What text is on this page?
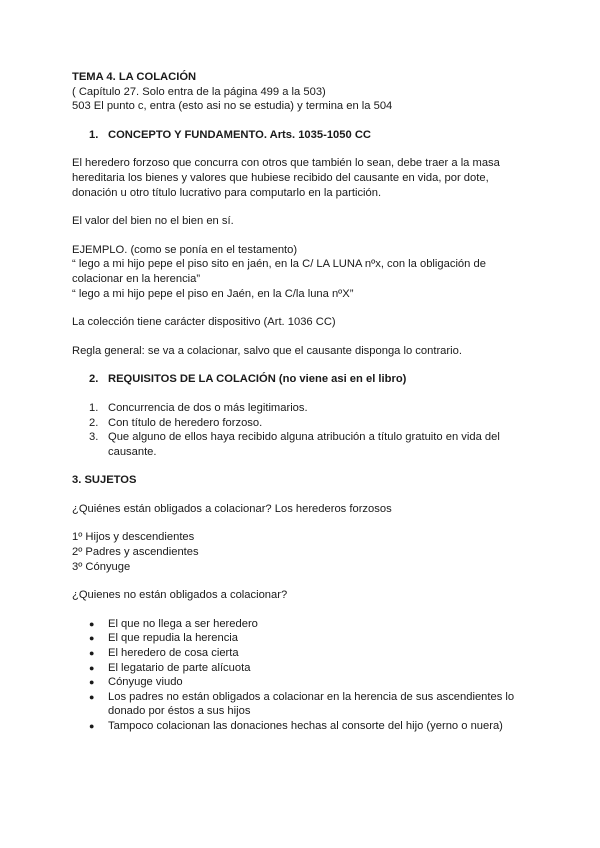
TEMA 4. LA COLACIÓN

( Capítulo 27. Solo entra de la página 499 a la 503)

503 El punto c, entra (esto asi no se estudia) y termina en la 504

1. CONCEPTO Y FUNDAMENTO. Arts. 1035-1050 CC

El heredero forzoso que concurra con otros que también lo sean, debe traer a la masa hereditaria los bienes y valores que hubiese recibido del causante en vida, por dote, donación u otro título lucrativo para computarlo en la partición.

El valor del bien no el bien en sí.

EJEMPLO. (como se ponía en el testamento)

“ lego a mi hijo pepe el piso sito en jaén, en la C/ LA LUNA nºx, con la obligación de colacionar en la herencia”

“ lego a mi hijo pepe el piso en Jaén, en la C/la luna nºX”

La colección tiene carácter dispositivo (Art. 1036 CC)

Regla general: se va a colacionar, salvo que el causante disponga lo contrario.

2. REQUISITOS DE LA COLACIÓN (no viene asi en el libro)
1. Concurrencia de dos o más legitimarios.
2. Con título de heredero forzoso.
3. Que alguno de ellos haya recibido alguna atribución a título gratuito en vida del causante.

3. SUJETOS

¿Quiénes están obligados a colacionar? Los herederos forzosos

1º Hijos y descendientes

2º Padres y ascendientes

3º Cónyuge

¿Quienes no están obligados a colacionar?

●	El que no llega a ser heredero
●	El que repudia la herencia
●	El heredero de cosa cierta
●	El legatario de parte alícuota
●	Cónyuge viudo
●	Los padres no están obligados a colacionar en la herencia de sus ascendientes lo donado por éstos a sus hijos
●	Tampoco colacionan las donaciones hechas al consorte del hijo (yerno o nuera)
